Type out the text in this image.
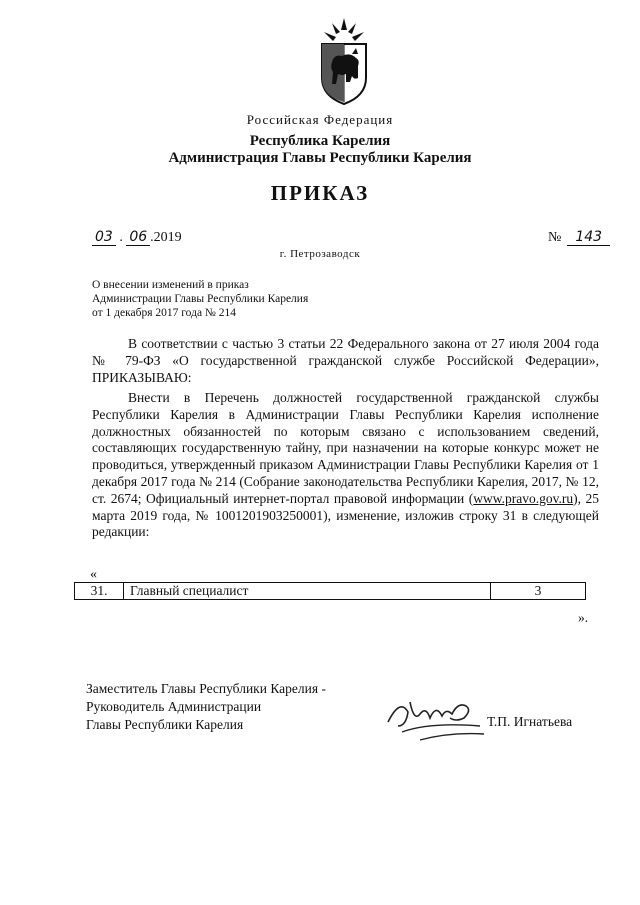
Российская Федерация
Республика Карелия
Администрация Главы Республики Карелия
ПРИКАЗ
03 . 06 .2019	№ 143
г. Петрозаводск
О внесении изменений в приказ
Администрации Главы Республики Карелия
от 1 декабря 2017 года № 214
В соответствии с частью 3 статьи 22 Федерального закона от 27 июля 2004 года № 79-ФЗ «О государственной гражданской службе Российской Федерации», ПРИКАЗЫВАЮ:
Внести в Перечень должностей государственной гражданской службы Республики Карелия в Администрации Главы Республики Карелия исполнение должностных обязанностей по которым связано с использованием сведений, составляющих государственную тайну, при назначении на которые конкурс может не проводиться, утвержденный приказом Администрации Главы Республики Карелия от 1 декабря 2017 года № 214 (Собрание законодательства Республики Карелия, 2017, № 12, ст. 2674; Официальный интернет-портал правовой информации (www.pravo.gov.ru), 25 марта 2019 года, № 1001201903250001), изменение, изложив строку 31 в следующей редакции:
«
31.	Главный специалист	3
».
Заместитель Главы Республики Карелия -
Руководитель Администрации
Главы Республики Карелия	Т.П. Игнатьева
